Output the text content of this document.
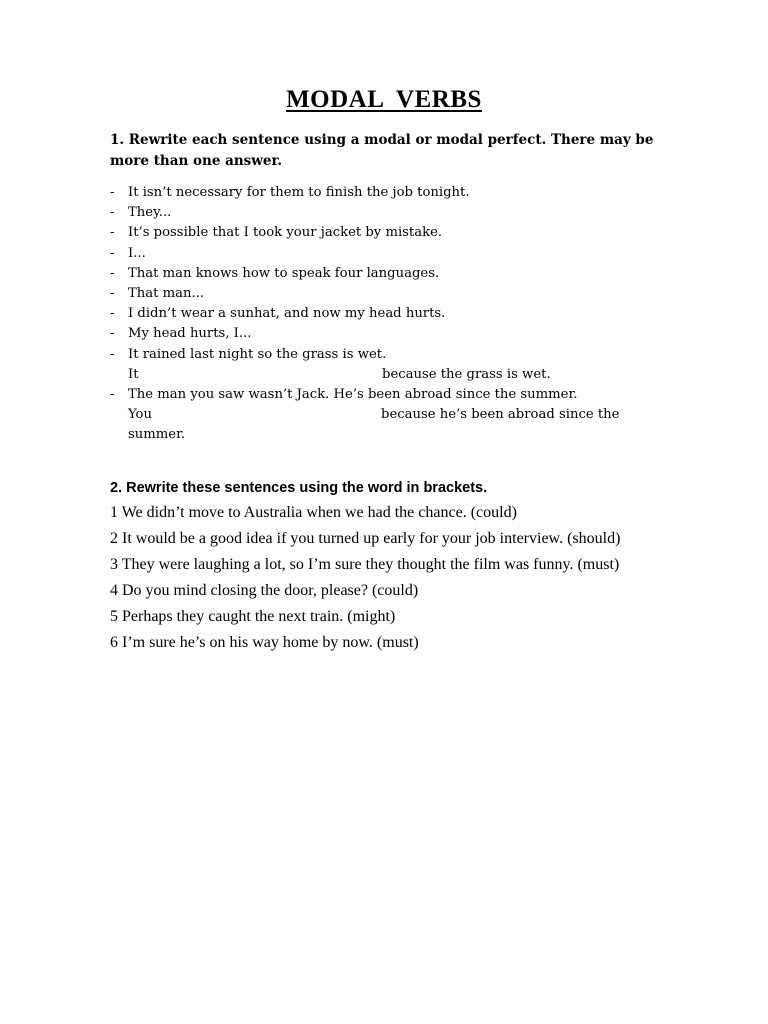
MODAL  VERBS
1. Rewrite each sentence using a modal or modal perfect. There may be more than one answer.
- It isn’t necessary for them to finish the job tonight.
- They...
- It’s possible that I took your jacket by mistake.
- I...
- That man knows how to speak four languages.
- That man...
- I didn’t wear a sunhat, and now my head hurts.
- My head hurts, I...
- It rained last night so the grass is wet.
It	because the grass is wet.
- The man you saw wasn’t Jack. He’s been abroad since the summer.
You	because he’s been abroad since the
summer.
2. Rewrite these sentences using the word in brackets.
1 We didn’t move to Australia when we had the chance. (could)
2 It would be a good idea if you turned up early for your job interview. (should)
3 They were laughing a lot, so I’m sure they thought the film was funny. (must)
4 Do you mind closing the door, please? (could)
5 Perhaps they caught the next train. (might)
6 I’m sure he’s on his way home by now. (must)
